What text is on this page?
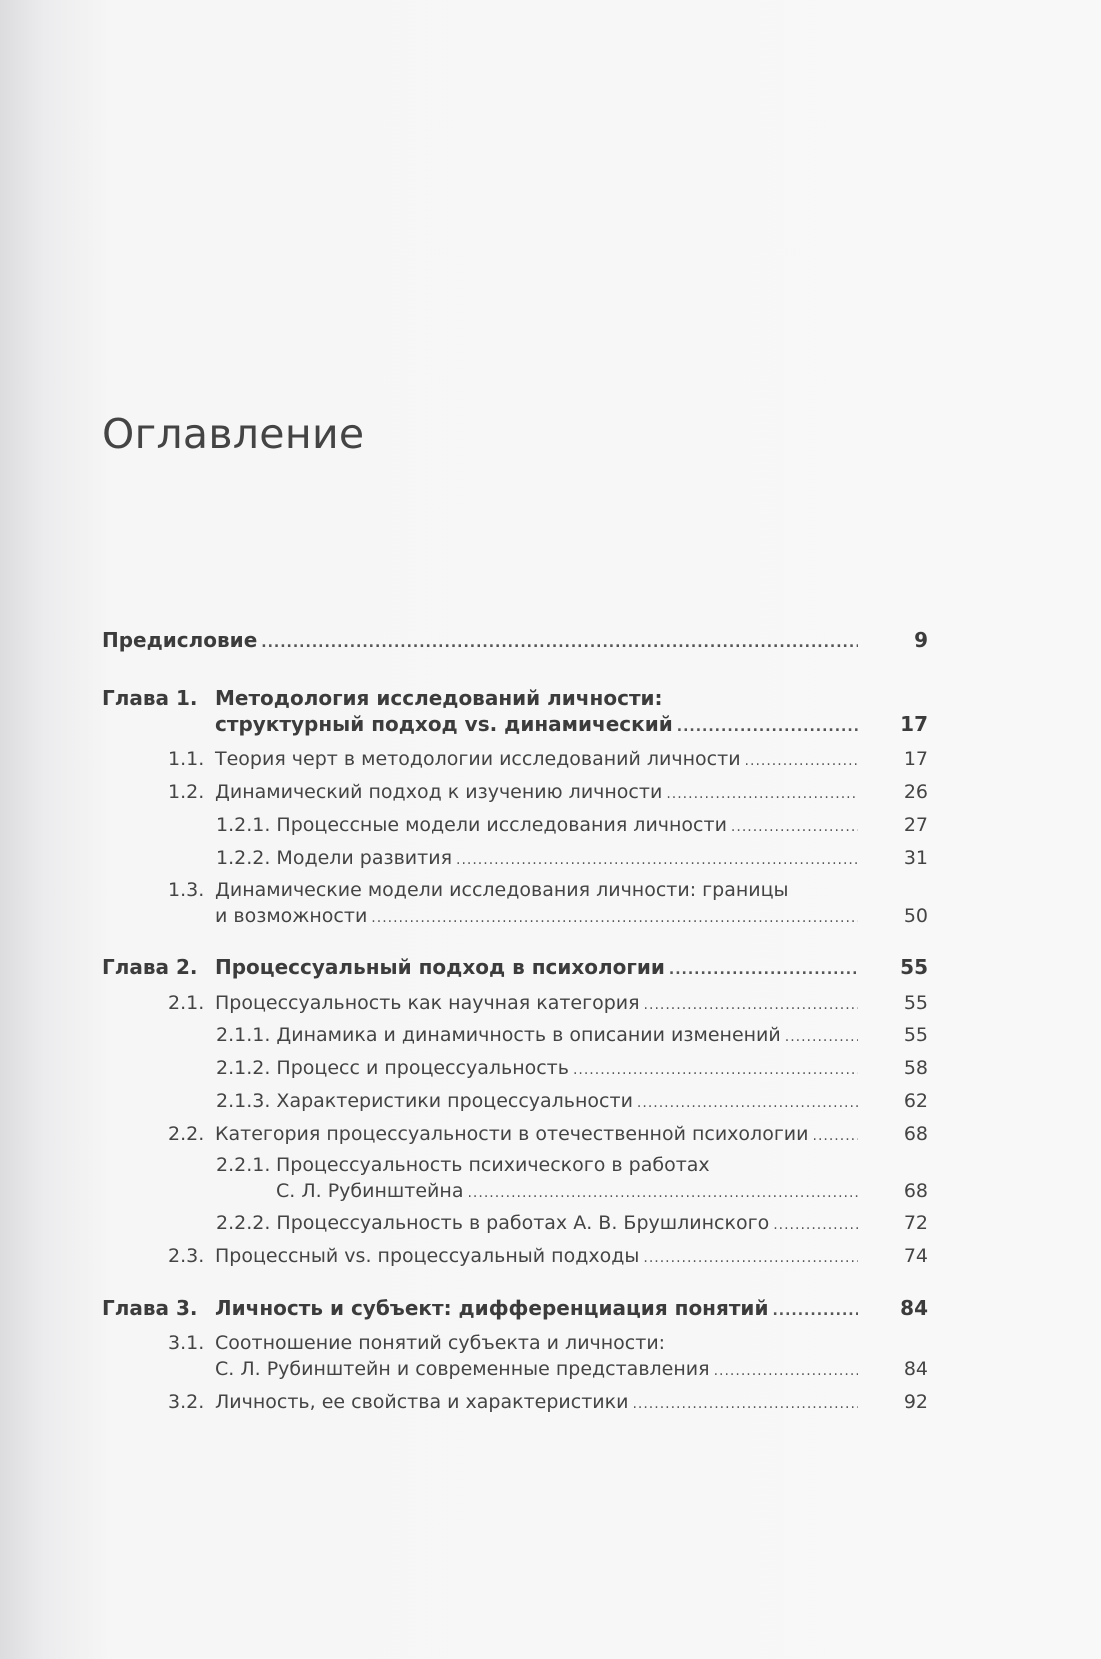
Оглавление
Предисловие .....	9
Глава 1. Методология исследований личности:
структурный подход vs. динамический .....	17
1.1. Теория черт в методологии исследований личности .....	17
1.2. Динамический подход к изучению личности .....	26
1.2.1. Процессные модели исследования личности .....	27
1.2.2. Модели развития .....	31
1.3. Динамические модели исследования личности: границы
и возможности .....	50
Глава 2. Процессуальный подход в психологии .....	55
2.1. Процессуальность как научная категория .....	55
2.1.1. Динамика и динамичность в описании изменений .....	55
2.1.2. Процесс и процессуальность .....	58
2.1.3. Характеристики процессуальности .....	62
2.2. Категория процессуальности в отечественной психологии .....	68
2.2.1. Процессуальность психического в работах
С. Л. Рубинштейна .....	68
2.2.2. Процессуальность в работах А. В. Брушлинского .....	72
2.3. Процессный vs. процессуальный подходы .....	74
Глава 3. Личность и субъект: дифференциация понятий .....	84
3.1. Соотношение понятий субъекта и личности:
С. Л. Рубинштейн и современные представления .....	84
3.2. Личность, ее свойства и характеристики .....	92
